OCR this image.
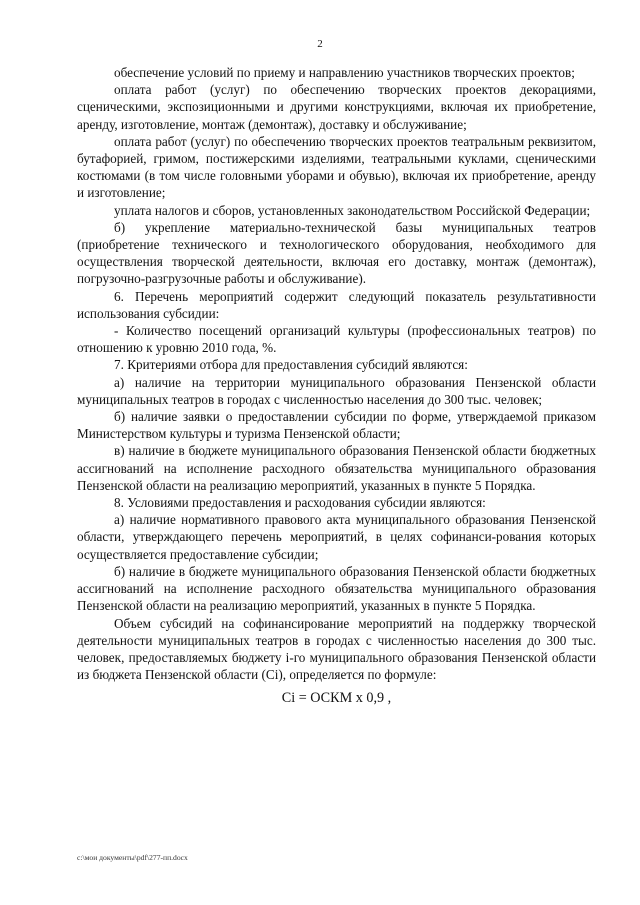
2

обеспечение условий по приему и направлению участников творческих проектов;

оплата работ (услуг) по обеспечению творческих проектов декорациями, сценическими, экспозиционными и другими конструкциями, включая их приобретение, аренду, изготовление, монтаж (демонтаж), доставку и обслуживание;

оплата работ (услуг) по обеспечению творческих проектов театральным реквизитом, бутафорией, гримом, постижерскими изделиями, театральными куклами, сценическими костюмами (в том числе головными уборами и обувью), включая их приобретение, аренду и изготовление;

уплата налогов и сборов, установленных законодательством Российской Федерации;

б) укрепление материально-технической базы муниципальных театров (приобретение технического и технологического оборудования, необходимого для осуществления творческой деятельности, включая его доставку, монтаж (демонтаж), погрузочно-разгрузочные работы и обслуживание).

6. Перечень мероприятий содержит следующий показатель результативности использования субсидии:

- Количество посещений организаций культуры (профессиональных театров) по отношению к уровню 2010 года, %.

7. Критериями отбора для предоставления субсидий являются:

а) наличие на территории муниципального образования Пензенской области муниципальных театров в городах с численностью населения до 300 тыс. человек;

б) наличие заявки о предоставлении субсидии по форме, утверждаемой приказом Министерством культуры и туризма Пензенской области;

в) наличие в бюджете муниципального образования Пензенской области бюджетных ассигнований на исполнение расходного обязательства муниципального образования Пензенской области на реализацию мероприятий, указанных в пункте 5 Порядка.

8. Условиями предоставления и расходования субсидии являются:

а) наличие нормативного правового акта муниципального образования Пензенской области, утверждающего перечень мероприятий, в целях софинанси-рования которых осуществляется предоставление субсидии;

б) наличие в бюджете муниципального образования Пензенской области бюджетных ассигнований на исполнение расходного обязательства муниципального образования Пензенской области на реализацию мероприятий, указанных в пункте 5 Порядка.

Объем субсидий на софинансирование мероприятий на поддержку творческой деятельности муниципальных театров в городах с численностью населения до 300 тыс. человек, предоставляемых бюджету i-го муниципального образования Пензенской области из бюджета Пензенской области (Ci), определяется по формуле:

Ci = ОСКМ x 0,9 ,

c:\мои документы\pdf\277-пп.docx
